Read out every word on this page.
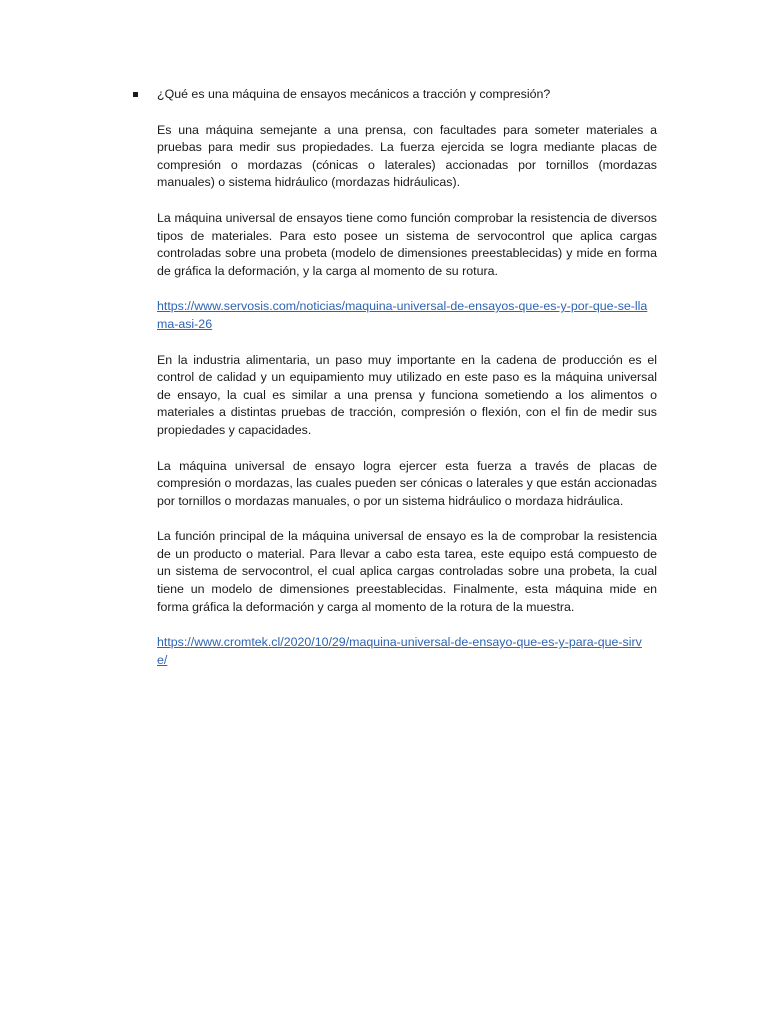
¿Qué es una máquina de ensayos mecánicos a tracción y compresión?

Es una máquina semejante a una prensa, con facultades para someter materiales a pruebas para medir sus propiedades. La fuerza ejercida se logra mediante placas de compresión o mordazas (cónicas o laterales) accionadas por tornillos (mordazas manuales) o sistema hidráulico (mordazas hidráulicas).

La máquina universal de ensayos tiene como función comprobar la resistencia de diversos tipos de materiales. Para esto posee un sistema de servocontrol que aplica cargas controladas sobre una probeta (modelo de dimensiones preestablecidas) y mide en forma de gráfica la deformación, y la carga al momento de su rotura.

https://www.servosis.com/noticias/maquina-universal-de-ensayos-que-es-y-por-que-se-llama-asi-26

En la industria alimentaria, un paso muy importante en la cadena de producción es el control de calidad y un equipamiento muy utilizado en este paso es la máquina universal de ensayo, la cual es similar a una prensa y funciona sometiendo a los alimentos o materiales a distintas pruebas de tracción, compresión o flexión, con el fin de medir sus propiedades y capacidades.

La máquina universal de ensayo logra ejercer esta fuerza a través de placas de compresión o mordazas, las cuales pueden ser cónicas o laterales y que están accionadas por tornillos o mordazas manuales, o por un sistema hidráulico o mordaza hidráulica.

La función principal de la máquina universal de ensayo es la de comprobar la resistencia de un producto o material. Para llevar a cabo esta tarea, este equipo está compuesto de un sistema de servocontrol, el cual aplica cargas controladas sobre una probeta, la cual tiene un modelo de dimensiones preestablecidas. Finalmente, esta máquina mide en forma gráfica la deformación y carga al momento de la rotura de la muestra.

https://www.cromtek.cl/2020/10/29/maquina-universal-de-ensayo-que-es-y-para-que-sirve/
